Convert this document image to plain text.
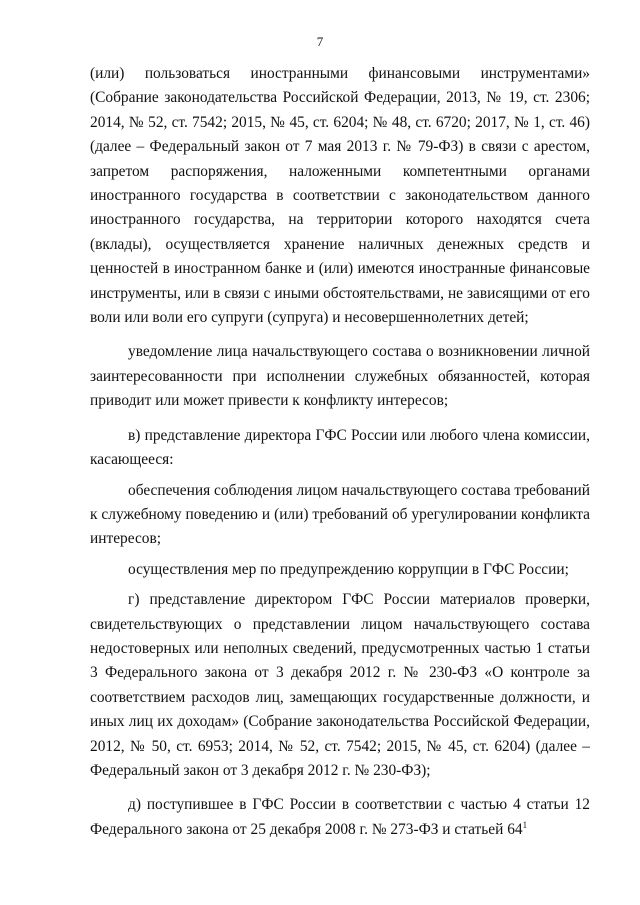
7

(или) пользоваться иностранными финансовыми инструментами» (Собрание законодательства Российской Федерации, 2013, № 19, ст. 2306; 2014, № 52, ст. 7542; 2015, № 45, ст. 6204; № 48, ст. 6720; 2017, № 1, ст. 46) (далее – Федеральный закон от 7 мая 2013 г. № 79-ФЗ) в связи с арестом, запретом распоряжения, наложенными компетентными органами иностранного государства в соответствии с законодательством данного иностранного государства, на территории которого находятся счета (вклады), осуществляется хранение наличных денежных средств и ценностей в иностранном банке и (или) имеются иностранные финансовые инструменты, или в связи с иными обстоятельствами, не зависящими от его воли или воли его супруги (супруга) и несовершеннолетних детей;

уведомление лица начальствующего состава о возникновении личной заинтересованности при исполнении служебных обязанностей, которая приводит или может привести к конфликту интересов;

в) представление директора ГФС России или любого члена комиссии, касающееся:

обеспечения соблюдения лицом начальствующего состава требований к служебному поведению и (или) требований об урегулировании конфликта интересов;

осуществления мер по предупреждению коррупции в ГФС России;

г) представление директором ГФС России материалов проверки, свидетельствующих о представлении лицом начальствующего состава недостоверных или неполных сведений, предусмотренных частью 1 статьи 3 Федерального закона от 3 декабря 2012 г. № 230-ФЗ «О контроле за соответствием расходов лиц, замещающих государственные должности, и иных лиц их доходам» (Собрание законодательства Российской Федерации, 2012, № 50, ст. 6953; 2014, № 52, ст. 7542; 2015, № 45, ст. 6204) (далее – Федеральный закон от 3 декабря 2012 г. № 230-ФЗ);

д) поступившее в ГФС России в соответствии с частью 4 статьи 12 Федерального закона от 25 декабря 2008 г. № 273-ФЗ и статьей $64^1$
